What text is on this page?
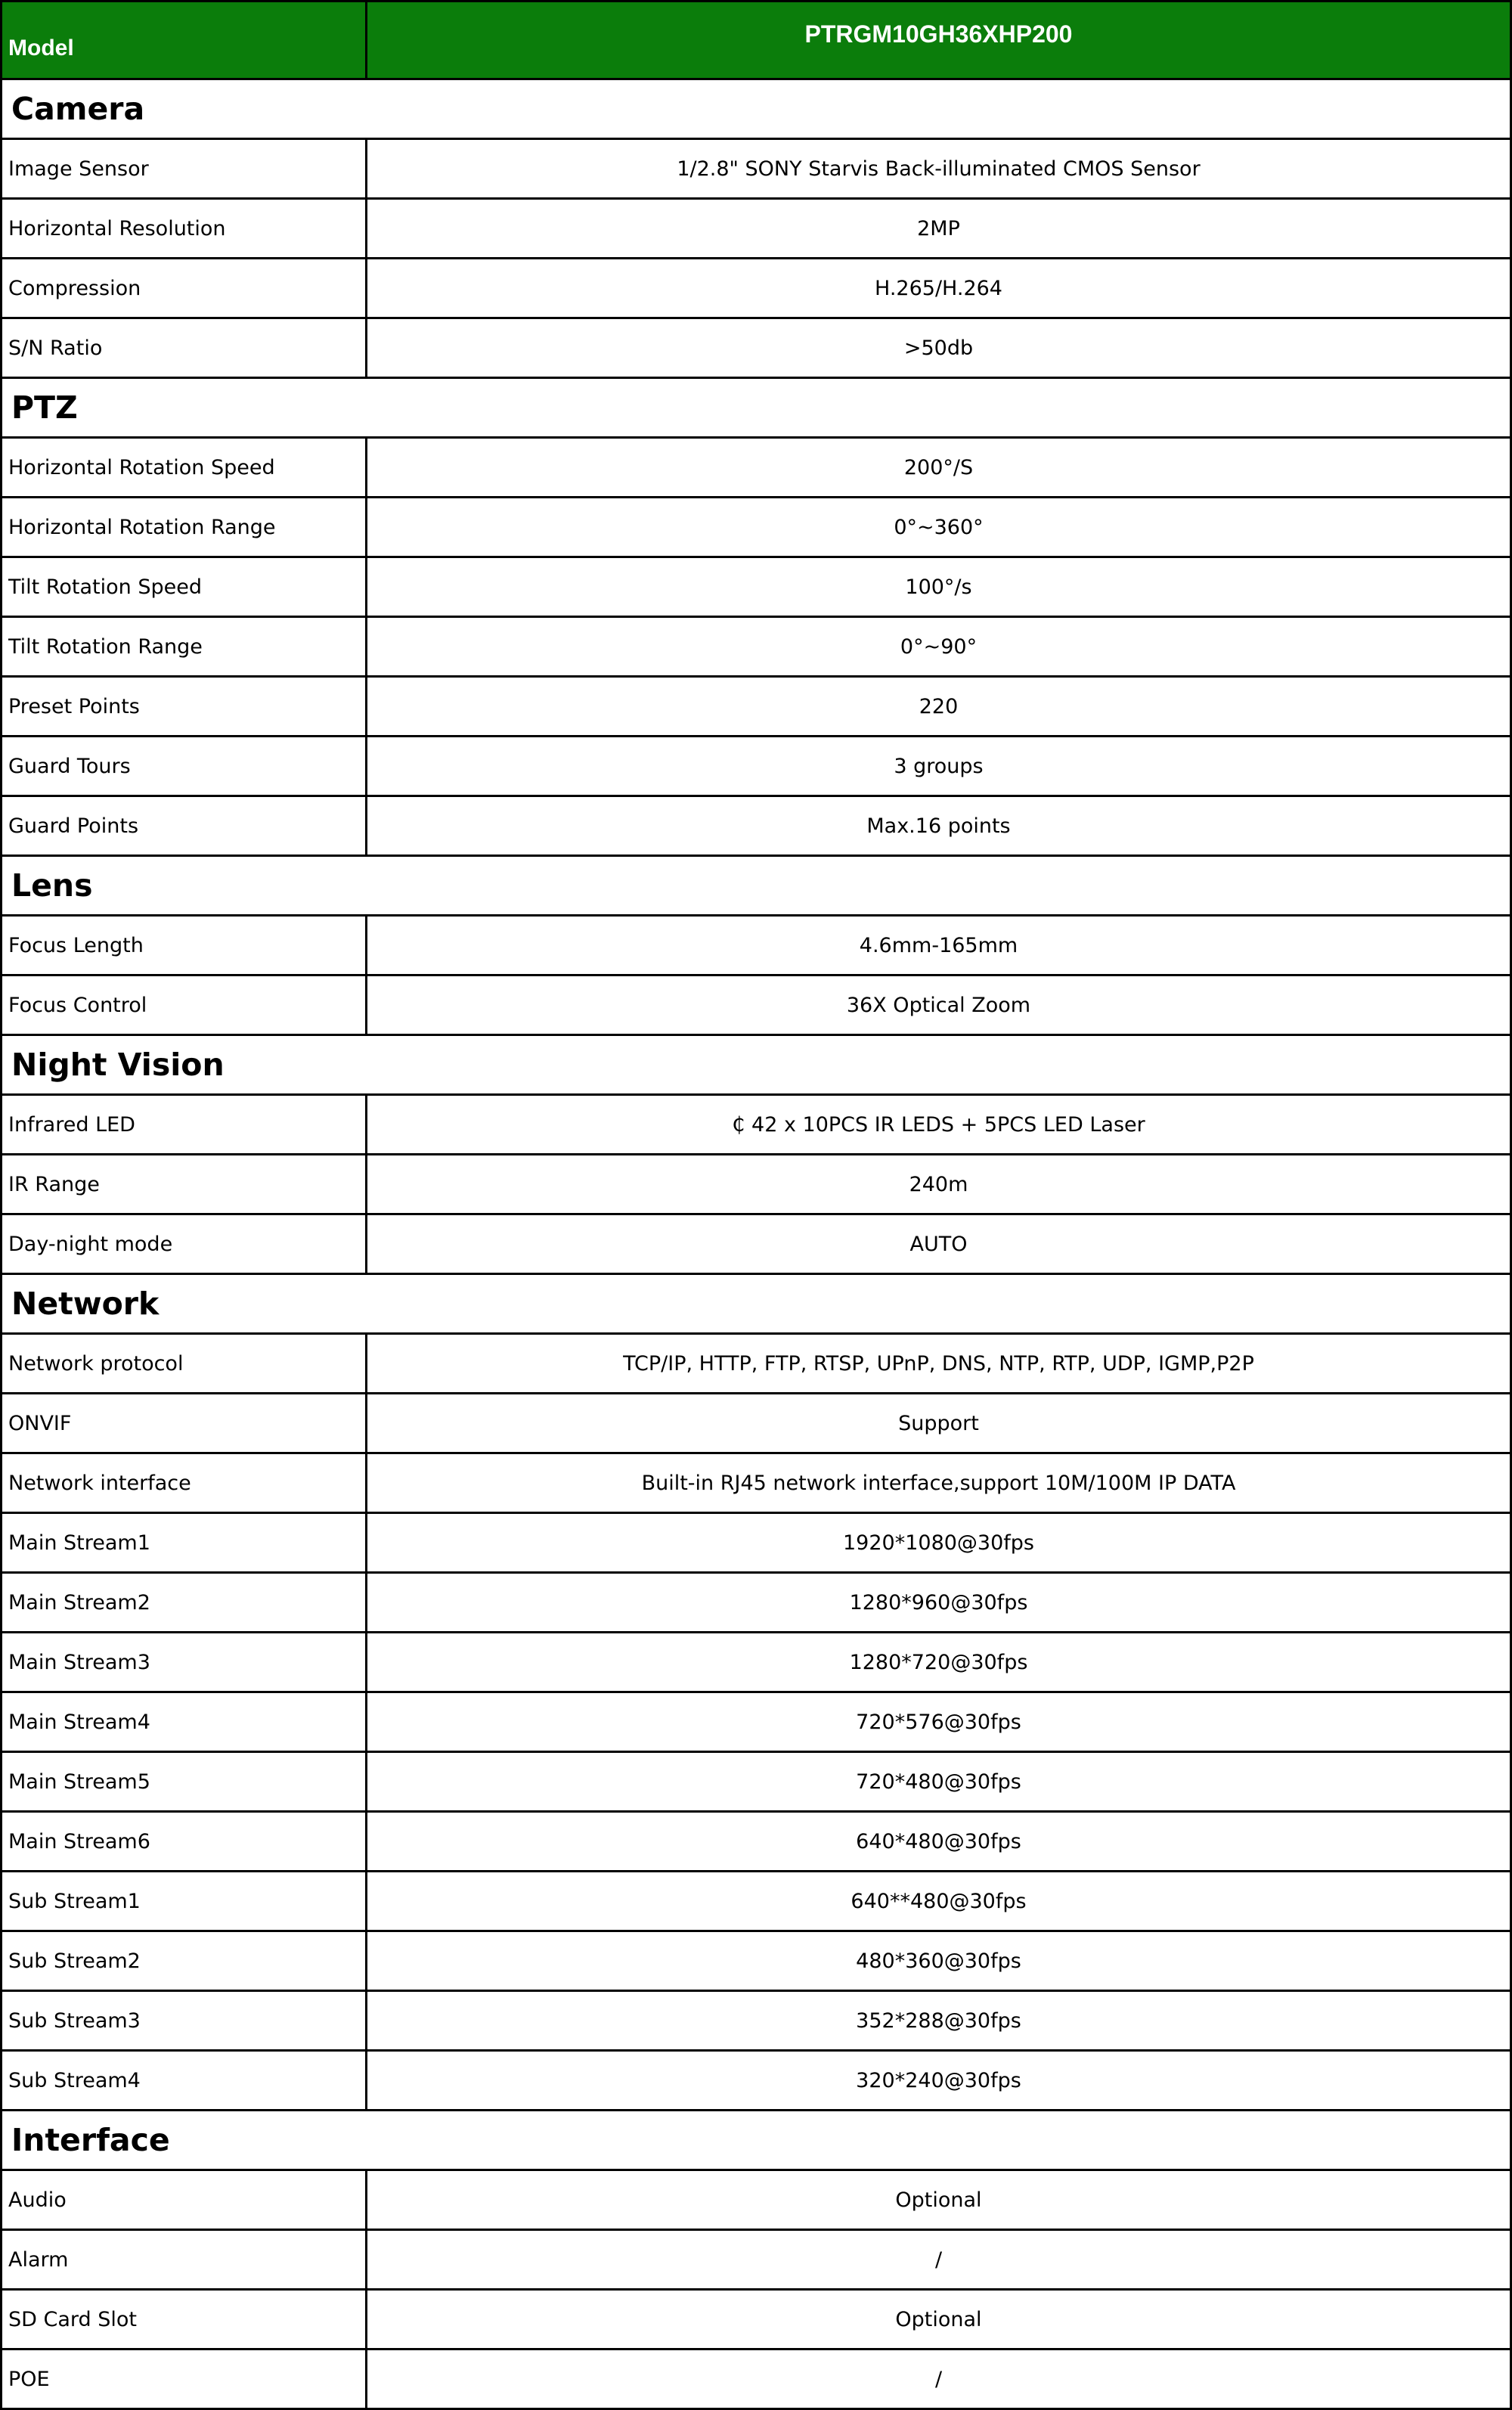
Model	PTRGM10GH36XHP200
Camera	
Image Sensor	1/2.8" SONY Starvis Back-illuminated CMOS Sensor
Horizontal Resolution	2MP
Compression	H.265/H.264
S/N Ratio	>50db
PTZ	
Horizontal Rotation Speed	200°/S
Horizontal Rotation Range	0°~360°
Tilt Rotation Speed	100°/s
Tilt Rotation Range	0°~90°
Preset Points	220
Guard Tours	3 groups
Guard Points	Max.16 points
Lens	
Focus Length	4.6mm-165mm
Focus Control	36X Optical Zoom
Night Vision	
Infrared LED	₵ 42 x 10PCS IR LEDS + 5PCS LED Laser
IR Range	240m
Day-night mode	AUTO
Network	
Network protocol	TCP/IP, HTTP, FTP, RTSP, UPnP, DNS, NTP, RTP, UDP, IGMP,P2P
ONVIF	Support
Network interface	Built-in RJ45 network interface,support 10M/100M IP DATA
Main Stream1	1920*1080@30fps
Main Stream2	1280*960@30fps
Main Stream3	1280*720@30fps
Main Stream4	720*576@30fps
Main Stream5	720*480@30fps
Main Stream6	640*480@30fps
Sub Stream1	640**480@30fps
Sub Stream2	480*360@30fps
Sub Stream3	352*288@30fps
Sub Stream4	320*240@30fps
Interface	
Audio	Optional
Alarm	/
SD Card Slot	Optional
POE	/
